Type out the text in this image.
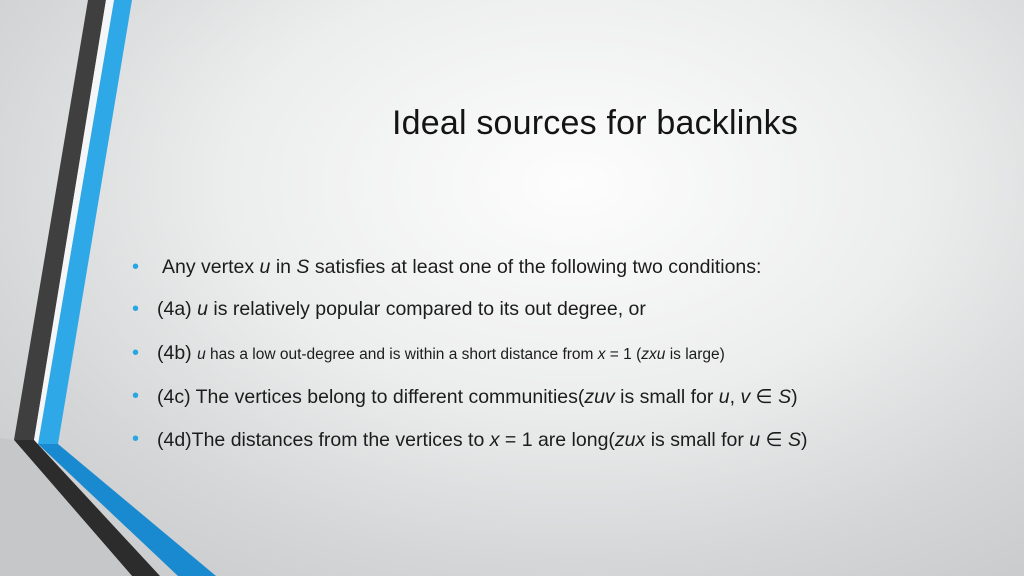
Ideal sources for backlinks
• Any vertex u in S satisfies at least one of the following two conditions:
• (4a) u is relatively popular compared to its out degree, or
• (4b) u has a low out-degree and is within a short distance from x = 1 (zxu is large)
• (4c) The vertices belong to different communities(zuv is small for u, v ∈ S)
• (4d)The distances from the vertices to x = 1 are long(zux is small for u ∈ S)
